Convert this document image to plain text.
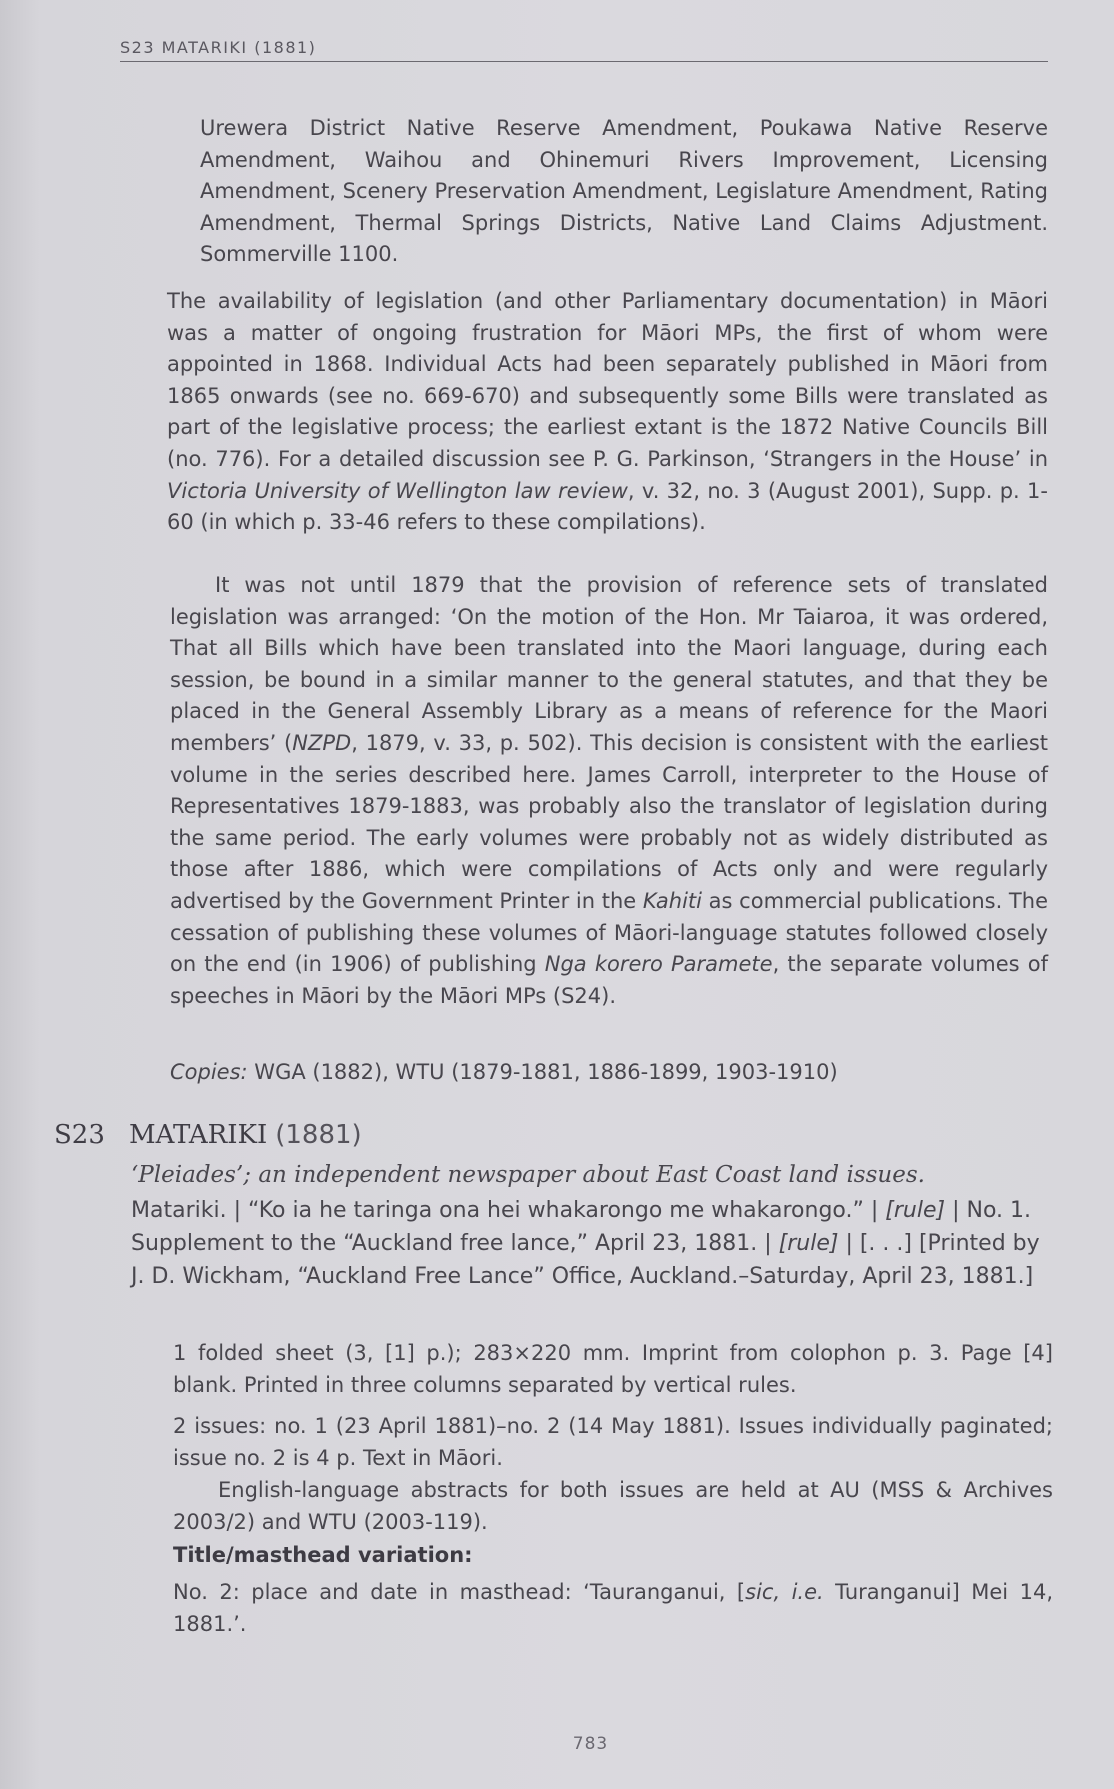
S23 MATARIKI (1881)
Urewera District Native Reserve Amendment, Poukawa Native Reserve Amendment, Waihou and Ohinemuri Rivers Improvement, Licensing Amendment, Scenery Preservation Amendment, Legislature Amendment, Rating Amendment, Thermal Springs Districts, Native Land Claims Adjustment. Sommerville 1100.
The availability of legislation (and other Parliamentary documentation) in Māori was a matter of ongoing frustration for Māori MPs, the first of whom were appointed in 1868. Individual Acts had been separately published in Māori from 1865 onwards (see no. 669-670) and subsequently some Bills were translated as part of the legislative process; the earliest extant is the 1872 Native Councils Bill (no. 776). For a detailed discussion see P. G. Parkinson, ‘Strangers in the House’ in Victoria University of Wellington law review, v. 32, no. 3 (August 2001), Supp. p. 1-60 (in which p. 33-46 refers to these compilations).
It was not until 1879 that the provision of reference sets of translated legislation was arranged: ‘On the motion of the Hon. Mr Taiaroa, it was ordered, That all Bills which have been translated into the Maori language, during each session, be bound in a similar manner to the general statutes, and that they be placed in the General Assembly Library as a means of reference for the Maori members’ (NZPD, 1879, v. 33, p. 502). This decision is consistent with the earliest volume in the series described here. James Carroll, interpreter to the House of Representatives 1879-1883, was probably also the translator of legislation during the same period. The early volumes were probably not as widely distributed as those after 1886, which were compilations of Acts only and were regularly advertised by the Government Printer in the Kahiti as commercial publications. The cessation of publishing these volumes of Māori-language statutes followed closely on the end (in 1906) of publishing Nga korero Paramete, the separate volumes of speeches in Māori by the Māori MPs (S24).
Copies: WGA (1882), WTU (1879-1881, 1886-1899, 1903-1910)
S23 MATARIKI (1881)
‘Pleiades’; an independent newspaper about East Coast land issues.
Matariki. | “Ko ia he taringa ona hei whakarongo me whakarongo.” | [rule] | No. 1. Supplement to the “Auckland free lance,” April 23, 1881. | [rule] | [. . .] [Printed by J. D. Wickham, “Auckland Free Lance” Office, Auckland.–Saturday, April 23, 1881.]
1 folded sheet (3, [1] p.); 283×220 mm. Imprint from colophon p. 3. Page [4] blank. Printed in three columns separated by vertical rules.
2 issues: no. 1 (23 April 1881)–no. 2 (14 May 1881). Issues individually paginated; issue no. 2 is 4 p. Text in Māori.
English-language abstracts for both issues are held at AU (MSS & Archives 2003/2) and WTU (2003-119).
Title/masthead variation:
No. 2: place and date in masthead: ‘Tauranganui, [sic, i.e. Turanganui] Mei 14, 1881.’.
783
